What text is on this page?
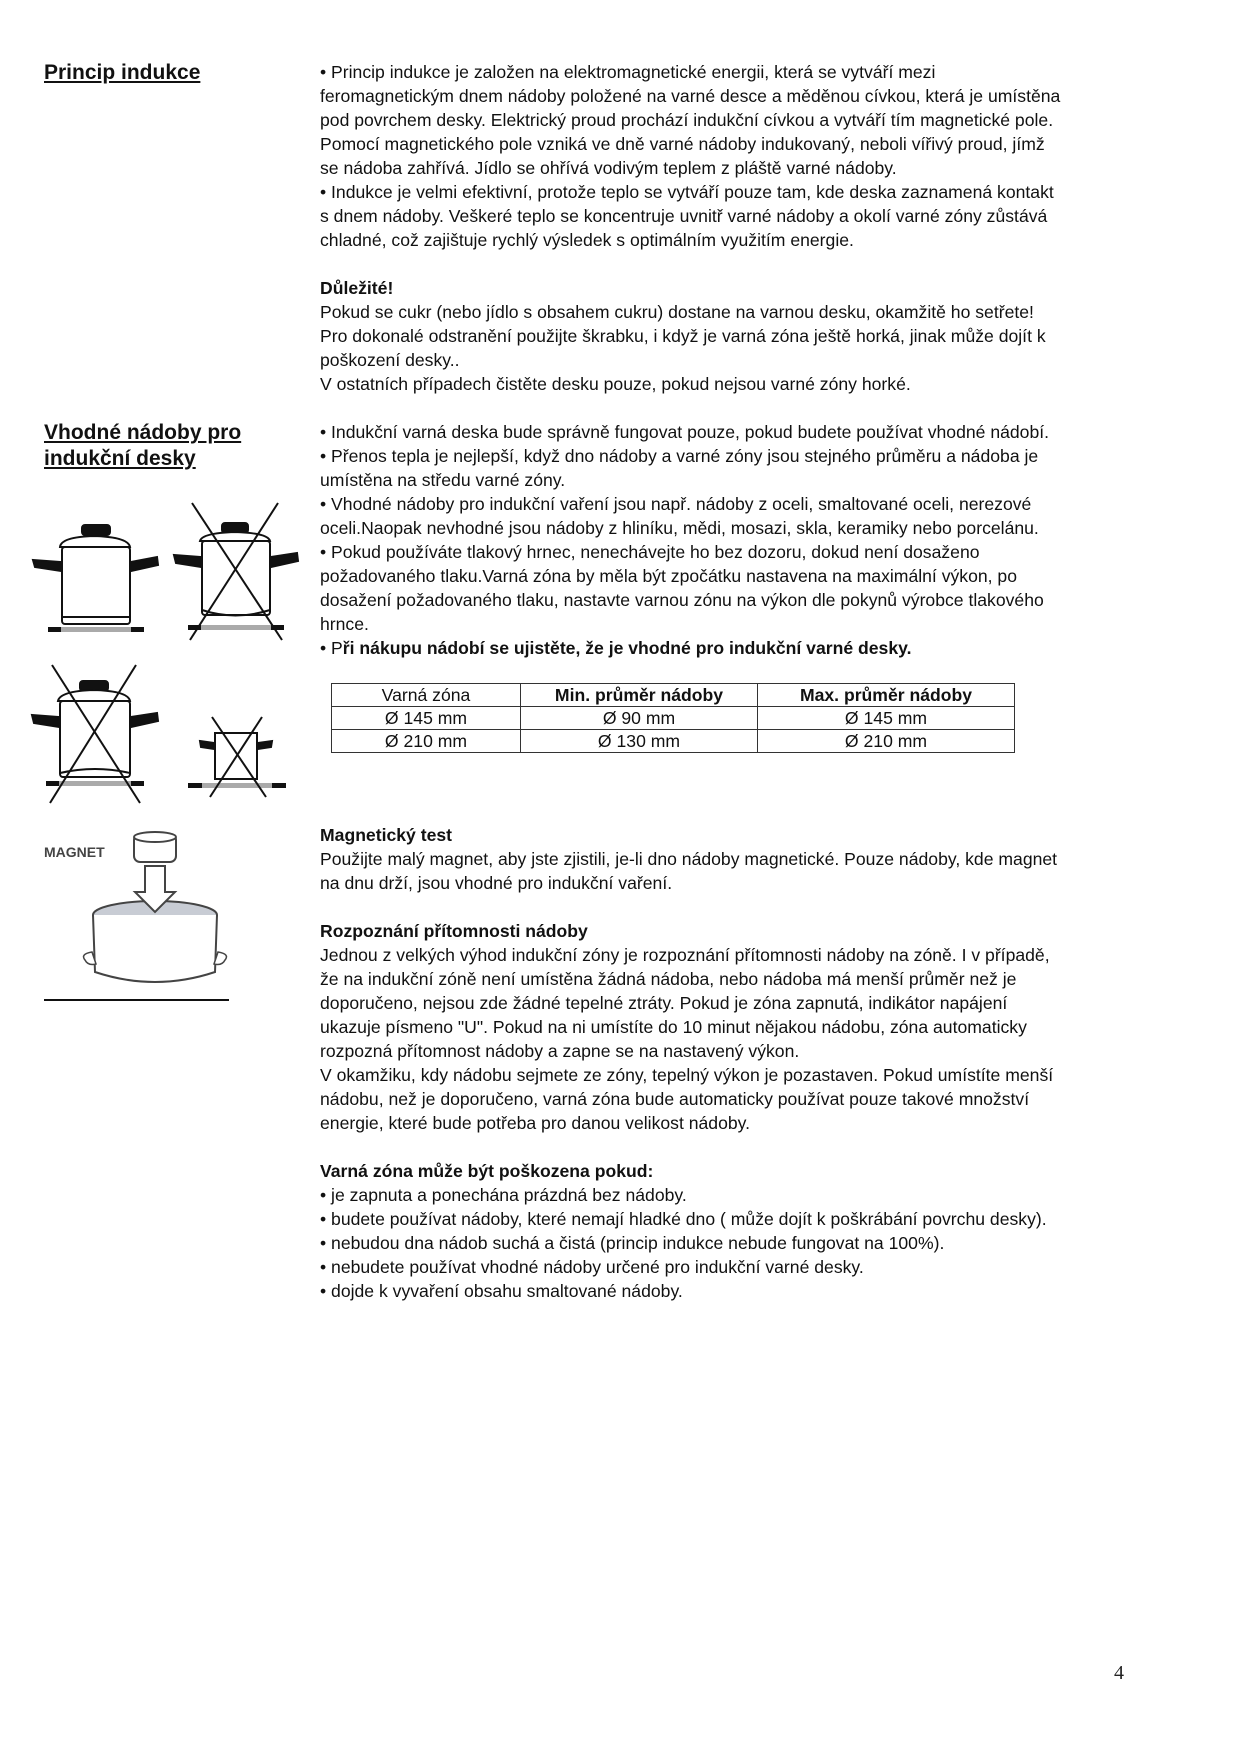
Princip indukce	• Princip indukce je založen na elektromagnetické energii, která se vytváří mezi

feromagnetickým dnem nádoby položené na varné desce a měděnou cívkou, která je umístěna

pod povrchem desky. Elektrický proud prochází indukční cívkou a vytváří tím magnetické pole.

Pomocí magnetického pole vzniká ve dně varné nádoby indukovaný, neboli vířivý proud, jímž

se nádoba zahřívá. Jídlo se ohřívá vodivým teplem z pláště varné nádoby.

• Indukce je velmi efektivní, protože teplo se vytváří pouze tam, kde deska zaznamená kontakt

s dnem nádoby. Veškeré teplo se koncentruje uvnitř varné nádoby a okolí varné zóny zůstává

chladné, což zajištuje rychlý výsledek s optimálním využitím energie.

Důležité!

Pokud se cukr (nebo jídlo s obsahem cukru) dostane na varnou desku, okamžitě ho setřete!

Pro dokonalé odstranění použijte škrabku, i když je varná zóna ještě horká, jinak může dojít k

poškození desky..

V ostatních případech čistěte desku pouze, pokud nejsou varné zóny horké.

Vhodné nádoby pro
indukční desky

• Indukční varná deska bude správně fungovat pouze, pokud budete používat vhodné nádobí.

• Přenos tepla je nejlepší, když dno nádoby a varné zóny jsou stejného průměru a nádoba je

umístěna na středu varné zóny.

• Vhodné nádoby pro indukční vaření jsou např. nádoby z oceli, smaltované oceli, nerezové

oceli.Naopak nevhodné jsou nádoby z hliníku, mědi, mosazi, skla, keramiky nebo porcelánu.

• Pokud používáte tlakový hrnec, nenechávejte ho bez dozoru, dokud není dosaženo

požadovaného tlaku.Varná zóna by měla být zpočátku nastavena na maximální výkon, po

dosažení požadovaného tlaku, nastavte varnou zónu na výkon dle pokynů výrobce tlakového

hrnce.

• Při nákupu nádobí se ujistěte, že je vhodné pro indukční varné desky.

Varná zóna	Min. průměr nádoby	Max. průměr nádoby
Ø 145 mm	Ø 90 mm	Ø 145 mm
Ø 210 mm	Ø 130 mm	Ø 210 mm
MAGNET

Magnetický test

Použijte malý magnet, aby jste zjistili, je-li dno nádoby magnetické. Pouze nádoby, kde magnet

na dnu drží, jsou vhodné pro indukční vaření.

Rozpoznání přítomnosti nádoby

Jednou z velkých výhod indukční zóny je rozpoznání přítomnosti nádoby na zóně. I v případě,

že na indukční zóně není umístěna žádná nádoba, nebo nádoba má menší průměr než je

doporučeno, nejsou zde žádné tepelné ztráty. Pokud je zóna zapnutá, indikátor napájení

ukazuje písmeno "U". Pokud na ni umístíte do 10 minut nějakou nádobu, zóna automaticky

rozpozná přítomnost nádoby a zapne se na nastavený výkon.

V okamžiku, kdy nádobu sejmete ze zóny, tepelný výkon je pozastaven. Pokud umístíte menší

nádobu, než je doporučeno, varná zóna bude automaticky používat pouze takové množství

energie, které bude potřeba pro danou velikost nádoby.

Varná zóna může být poškozena pokud:

• je zapnuta a ponechána prázdná bez nádoby.

• budete používat nádoby, které nemají hladké dno ( může dojít k poškrábání povrchu desky).

• nebudou dna nádob suchá a čistá (princip indukce nebude fungovat na 100%).

• nebudete používat vhodné nádoby určené pro indukční varné desky.

• dojde k vyvaření obsahu smaltované nádoby.

4
